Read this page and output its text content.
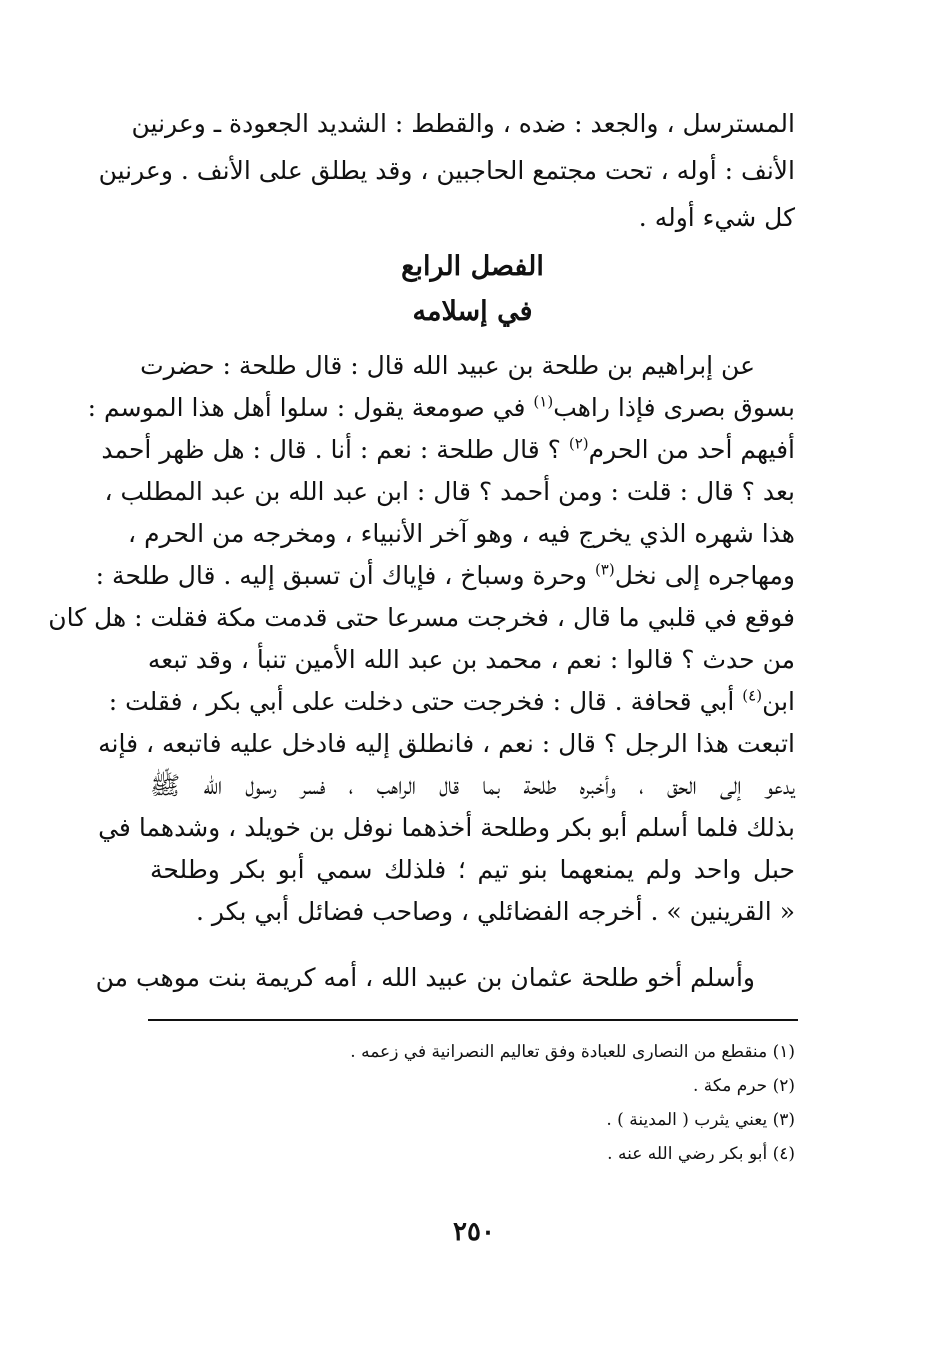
المسترسل ، والجعد : ضده ، والقطط : الشديد الجعودة ـ وعرنين
الأنف : أوله ، تحت مجتمع الحاجبين ، وقد يطلق على الأنف . وعرنين
كل شيء أوله .
الفصل الرابع
في إسلامه
عن إبراهيم بن طلحة بن عبيد الله قال : قال طلحة : حضرت
بسوق بصرى فإذا راهب$^{(١)}$ في صومعة يقول : سلوا أهل هذا الموسم :
أفيهم أحد من الحرم$^{(٢)}$ ؟ قال طلحة : نعم : أنا . قال : هل ظهر أحمد
بعد ؟ قال : قلت : ومن أحمد ؟ قال : ابن عبد الله بن عبد المطلب ،
هذا شهره الذي يخرج فيه ، وهو آخر الأنبياء ، ومخرجه من الحرم ،
ومهاجره إلى نخل$^{(٣)}$ وحرة وسباخ ، فإياك أن تسبق إليه . قال طلحة :
فوقع في قلبي ما قال ، فخرجت مسرعا حتى قدمت مكة فقلت : هل كان
من حدث ؟ قالوا : نعم ، محمد بن عبد الله الأمين تنبأ ، وقد تبعه
ابن$^{(٤)}$ أبي قحافة . قال : فخرجت حتى دخلت على أبي بكر ، فقلت :
اتبعت هذا الرجل ؟ قال : نعم ، فانطلق إليه فادخل عليه فاتبعه ، فإنه
يدعو إلى الحق ، وأخبره طلحة بما قال الراهب ، فسر رسول الله ﷺ
بذلك فلما أسلم أبو بكر وطلحة أخذهما نوفل بن خويلد ، وشدهما في
حبل واحد ولم يمنعهما بنو تيم ؛ فلذلك سمي أبو بكر وطلحة
« القرينين » . أخرجه الفضائلي ، وصاحب فضائل أبي بكر .
وأسلم أخو طلحة عثمان بن عبيد الله ، أمه كريمة بنت موهب من
(١) منقطع من النصارى للعبادة وفق تعاليم النصرانية في زعمه .
(٢) حرم مكة .
(٣) يعني يثرب ( المدينة ) .
(٤) أبو بكر رضي الله عنه .
٢٥٠
